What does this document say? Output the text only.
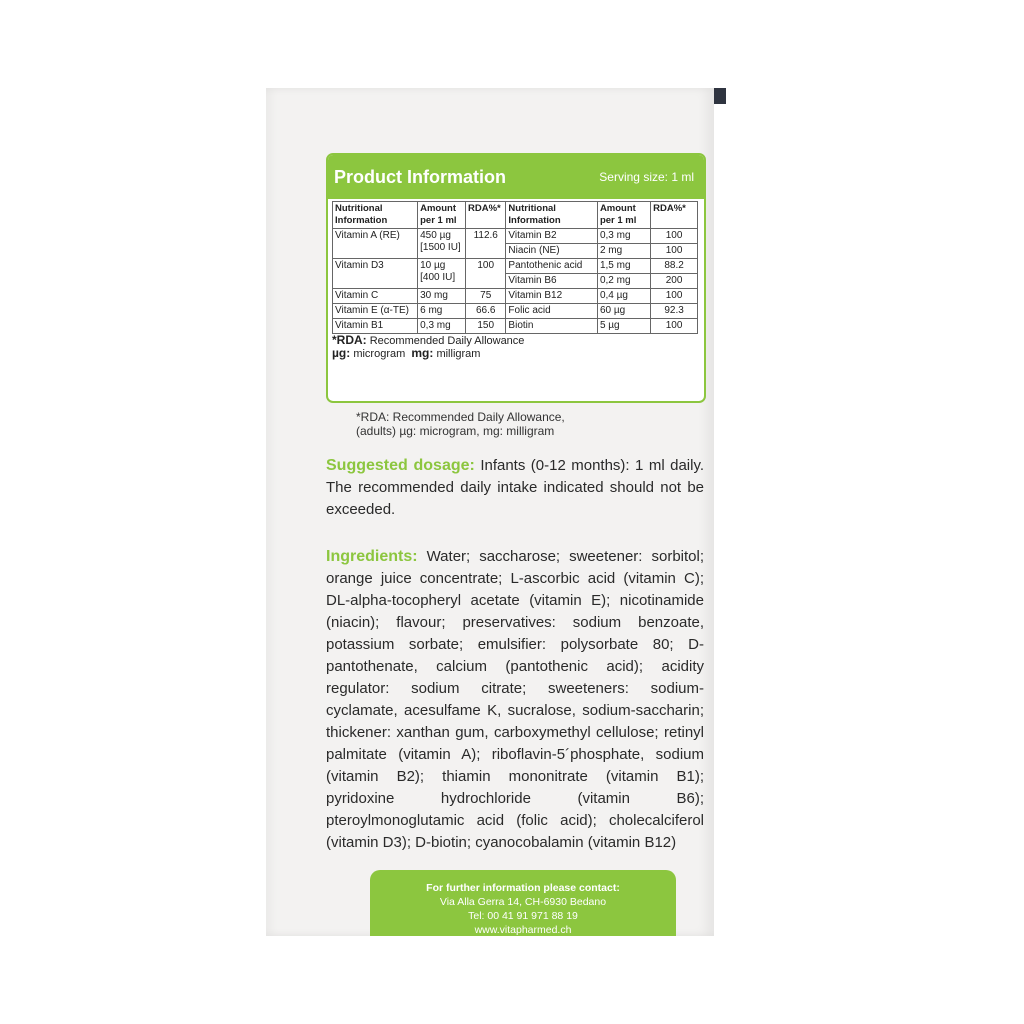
Product Information	Serving size: 1 ml
Nutritional Information	Amount per 1 ml	RDA%*	Nutritional Information	Amount per 1 ml	RDA%*
Vitamin A (RE)	450 µg [1500 IU]	112.6	Vitamin B2	0,3 mg	100
			Niacin (NE)	2 mg	100
Vitamin D3	10 µg [400 IU]	100	Pantothenic acid	1,5 mg	88.2
			Vitamin B6	0,2 mg	200
Vitamin C	30 mg	75	Vitamin B12	0,4 µg	100
Vitamin E (α-TE)	6 mg	66.6	Folic acid	60 µg	92.3
Vitamin B1	0,3 mg	150	Biotin	5 µg	100
*RDA: Recommended Daily Allowance
µg: microgram mg: milligram
*RDA: Recommended Daily Allowance,
(adults) µg: microgram, mg: milligram
Suggested dosage: Infants (0-12 months): 1 ml daily. The recommended daily intake indicated should not be exceeded.
Ingredients: Water; saccharose; sweetener: sorbitol; orange juice concentrate; L-ascorbic acid (vitamin C); DL-alpha-tocopheryl acetate (vitamin E); nicotinamide (niacin); flavour; preservatives: sodium benzoate, potassium sorbate; emulsifier: polysorbate 80; D-pantothenate, calcium (pantothenic acid); acidity regulator: sodium citrate; sweeteners: sodium-cyclamate, acesulfame K, sucralose, sodium-saccharin; thickener: xanthan gum, carboxymethyl cellulose; retinyl palmitate (vitamin A); riboflavin-5´phosphate, sodium (vitamin B2); thiamin mononitrate (vitamin B1); pyridoxine hydrochloride (vitamin B6); pteroylmonoglutamic acid (folic acid); cholecalciferol (vitamin D3); D-biotin; cyanocobalamin (vitamin B12)
For further information please contact:
Via Alla Gerra 14, CH-6930 Bedano
Tel: 00 41 91 971 88 19
www.vitapharmed.ch
